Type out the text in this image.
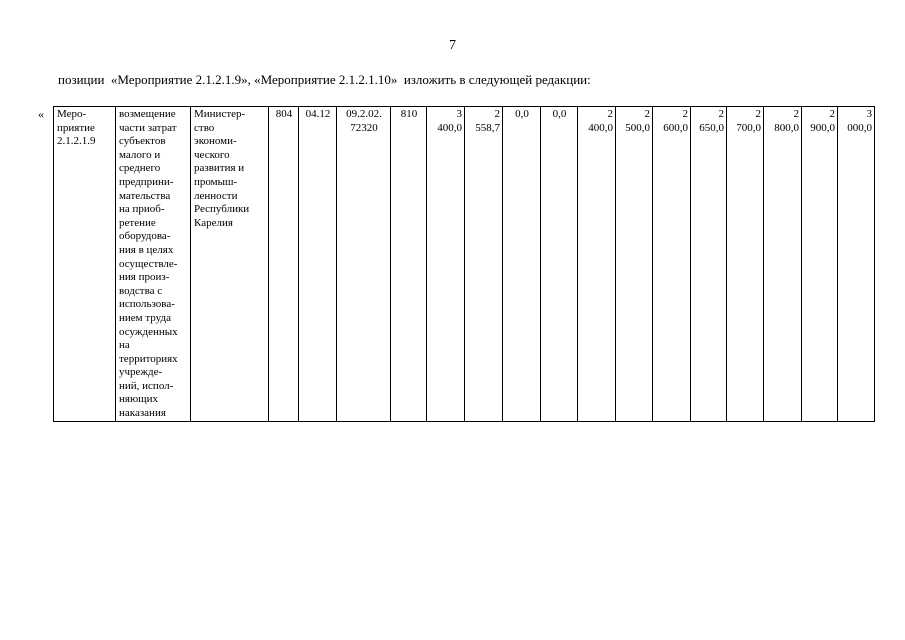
7
позиции  «Мероприятие 2.1.2.1.9», «Мероприятие 2.1.2.1.10»  изложить в следующей редакции:
« Меро-
приятие
2.1.2.1.9	возмещение
части затрат
субъектов
малого и
среднего
предприни-
мательства
на приоб-
ретение
оборудова-
ния в целях
осуществле-
ния произ-
водства с
использова-
нием труда
осужденных
на
территориях
учрежде-
ний, испол-
няющих
наказания	Министер-
ство
экономи-
ческого
развития и
промыш-
ленности
Республики
Карелия	804	04.12	09.2.02.
72320	810	3
400,0	2
558,7	0,0	0,0	2
400,0	2
500,0	2
600,0	2
650,0	2
700,0	2
800,0	2
900,0	3
000,0
